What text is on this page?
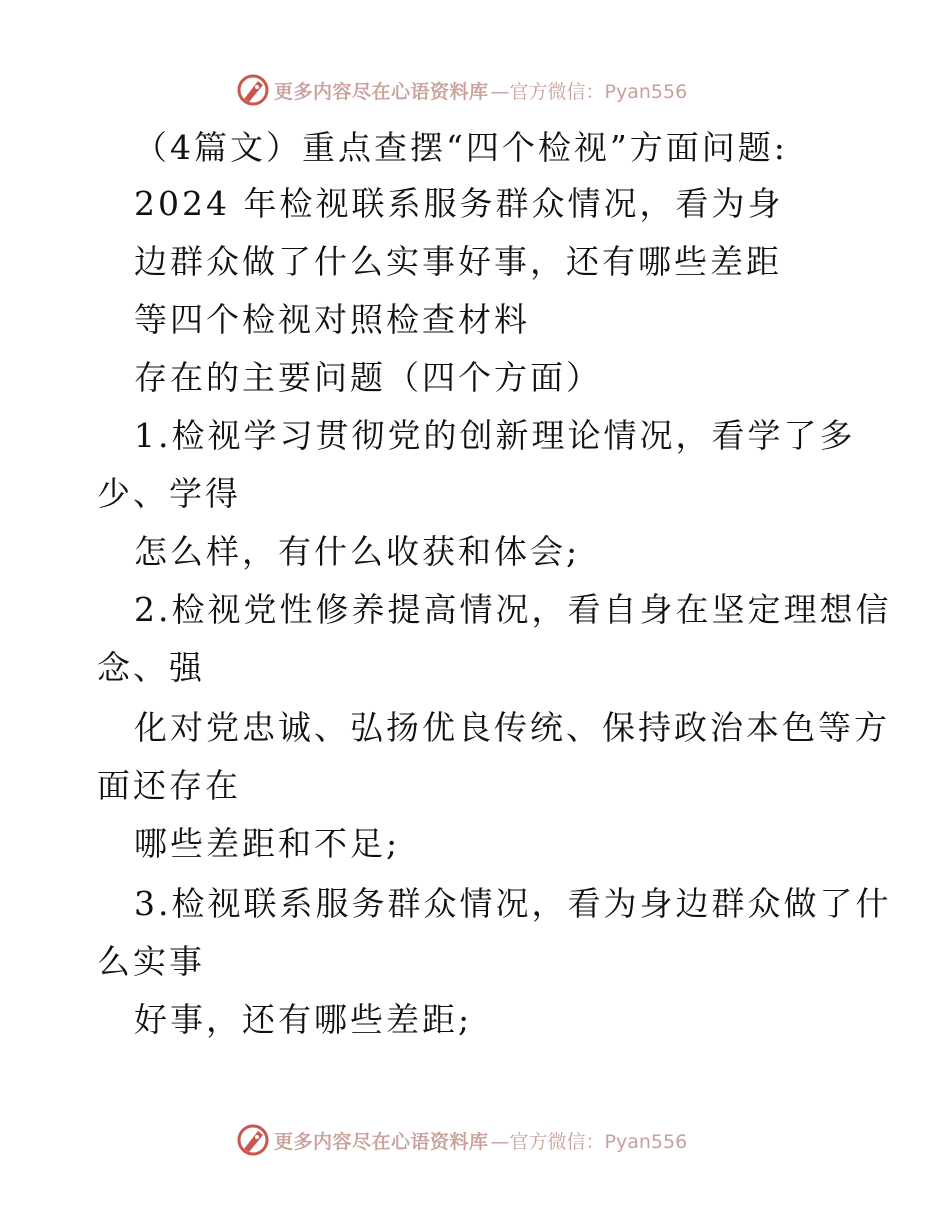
更多内容尽在心语资料库 —官方微信：Pyan556
（4篇文）重点查摆“四个检视”方面问题:
2024 年检视联系服务群众情况，看为身
边群众做了什么实事好事，还有哪些差距
等四个检视对照检查材料
存在的主要问题（四个方面）
1.检视学习贯彻党的创新理论情况，看学了多
少、学得
怎么样，有什么收获和体会;
2.检视党性修养提高情况，看自身在坚定理想信
念、强
化对党忠诚、弘扬优良传统、保持政治本色等方
面还存在
哪些差距和不足;
3.检视联系服务群众情况，看为身边群众做了什
么实事
好事，还有哪些差距;
更多内容尽在心语资料库 —官方微信：Pyan556
